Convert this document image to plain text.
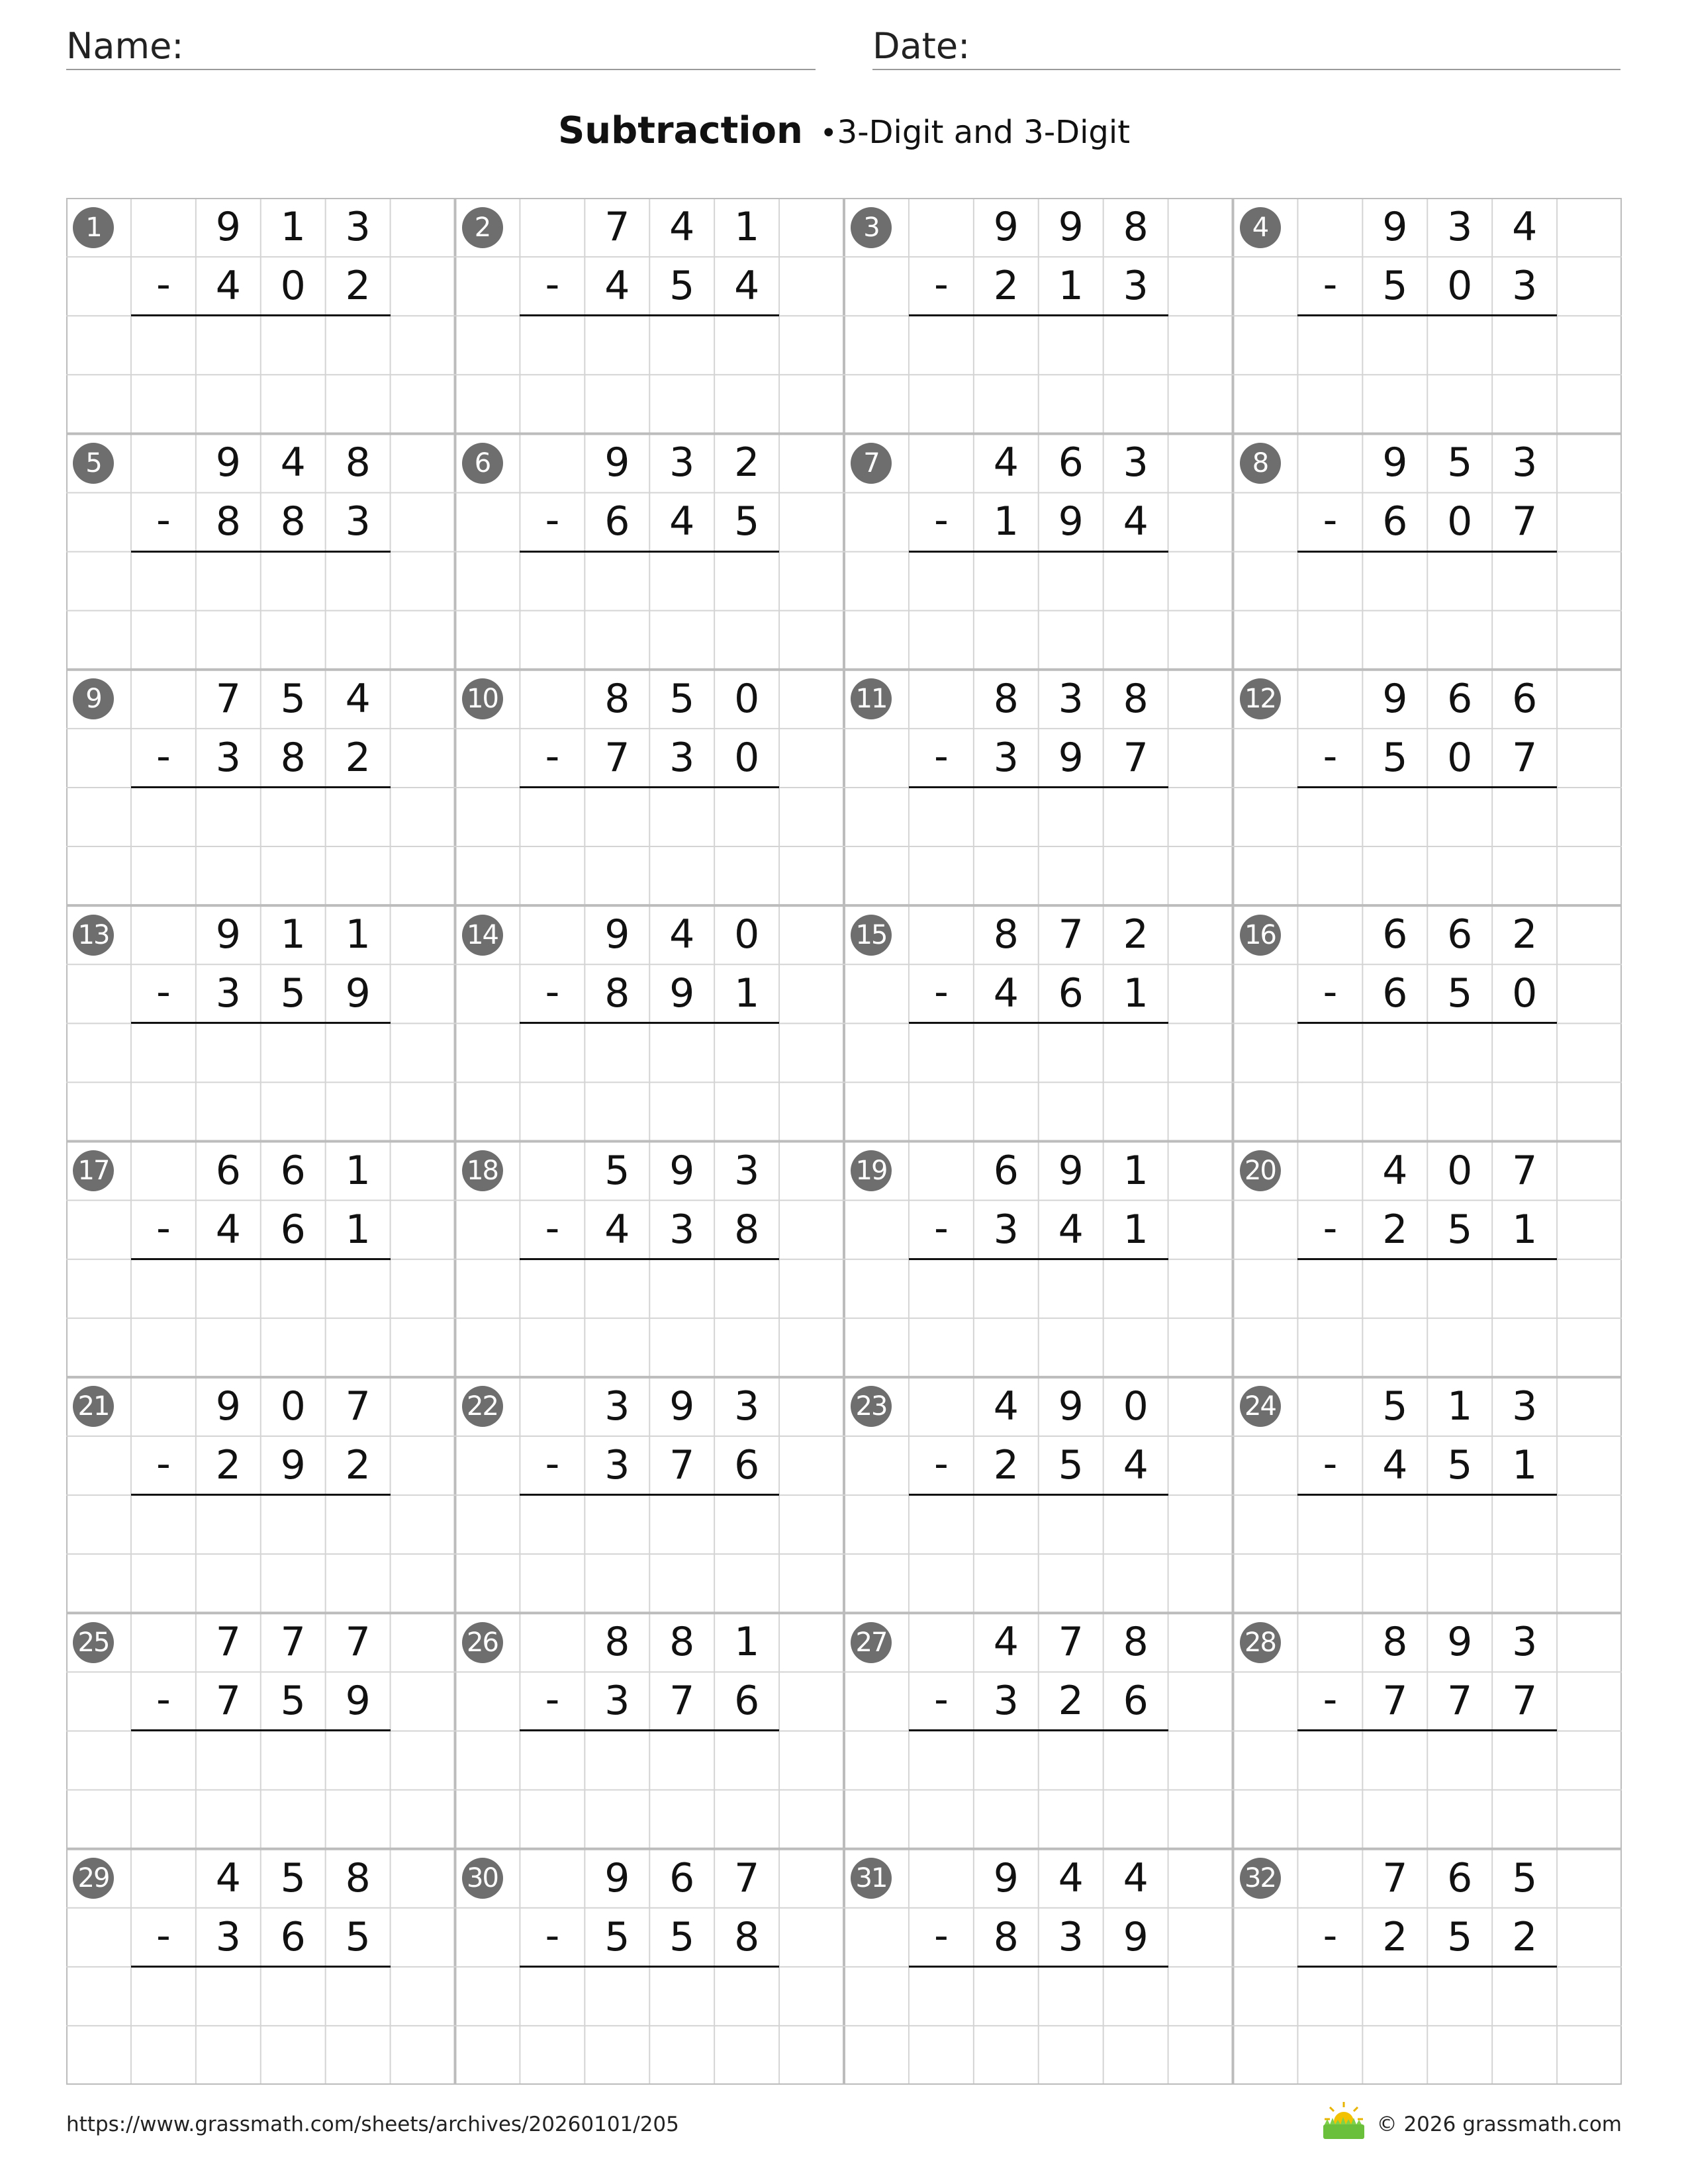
Name:	Date:
Subtraction •3-Digit and 3-Digit
1	9 1 3
-	4 0 2
2	7 4 1
-	4 5 4
3	9 9 8
-	2 1 3
4	9 3 4
-	5 0 3
5	9 4 8
-	8 8 3
6	9 3 2
-	6 4 5
7	4 6 3
-	1 9 4
8	9 5 3
-	6 0 7
9	7 5 4
-	3 8 2
10	8 5 0
-	7 3 0
11	8 3 8
-	3 9 7
12	9 6 6
-	5 0 7
13	9 1 1
-	3 5 9
14	9 4 0
-	8 9 1
15	8 7 2
-	4 6 1
16	6 6 2
-	6 5 0
17	6 6 1
-	4 6 1
18	5 9 3
-	4 3 8
19	6 9 1
-	3 4 1
20	4 0 7
-	2 5 1
21	9 0 7
-	2 9 2
22	3 9 3
-	3 7 6
23	4 9 0
-	2 5 4
24	5 1 3
-	4 5 1
25	7 7 7
-	7 5 9
26	8 8 1
-	3 7 6
27	4 7 8
-	3 2 6
28	8 9 3
-	7 7 7
29	4 5 8
-	3 6 5
30	9 6 7
-	5 5 8
31	9 4 4
-	8 3 9
32	7 6 5
-	2 5 2
https://www.grassmath.com/sheets/archives/20260101/205	© 2026 grassmath.com
